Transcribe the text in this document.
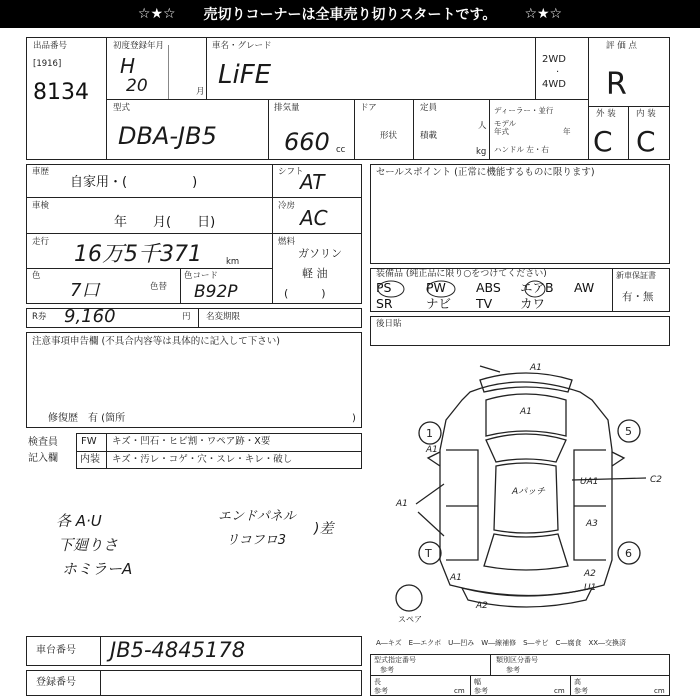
☆★☆ 売切りコーナーは全車売り切りスタートです。 ☆★☆
出品番号
[1916]
8134
初度登録年月
H
20	月
車名・グレード
LiFE
2WD
·
4WD
評 価 点
R
型式
DBA-JB5
排気量
660 cc
ドア
形状
定員
人
積載
kg
ディーラー・並行
モデル
年式	年
ハンドル 左・右
外 装 内 装
C C
車歴
自家用・(　　　　　)
車検
年　　月(　　日)
走行 16万5千371	km
色
7口	色替
色コード
B92P
シフト
AT
冷房 AC
燃料
ガソリン
軽 油
(　　　)
R券 9,160	円 名変期限
注意事項申告欄 (不具合内容等は具体的に記入して下さい)
修復歴　有 (箇所	)
検査員
記入欄
FW キズ・凹石・ヒビ割・ワペア跡・X要
内装 キズ・汚レ・コゲ・穴・スレ・キレ・破し
各 A·U
下廻りさ
ホミラーA
エンドパネル
リコフロ3
)差
セールスポイント (正常に機能するものに限ります)
装備品 (純正品に限り○をつけてください)	新車保証書
有・無
PS	PW	ABS	エアB	AW
SR	ナビ	TV	カワ
後日貼
A1
A1
A1
Aパッチ
UA1
A3
A2
U1
A1
A2
A1
C2
1	5
T	6
スペア
A―キズ　E―エクボ　U―凹み　W―線補修　S―サビ　C―腐食　XX―交換済
車台番号 JB5-4845178
登録番号
型式指定番号
参考
類別区分番号
参考
長
参考	cm
幅
参考	cm
高
参考	cm
